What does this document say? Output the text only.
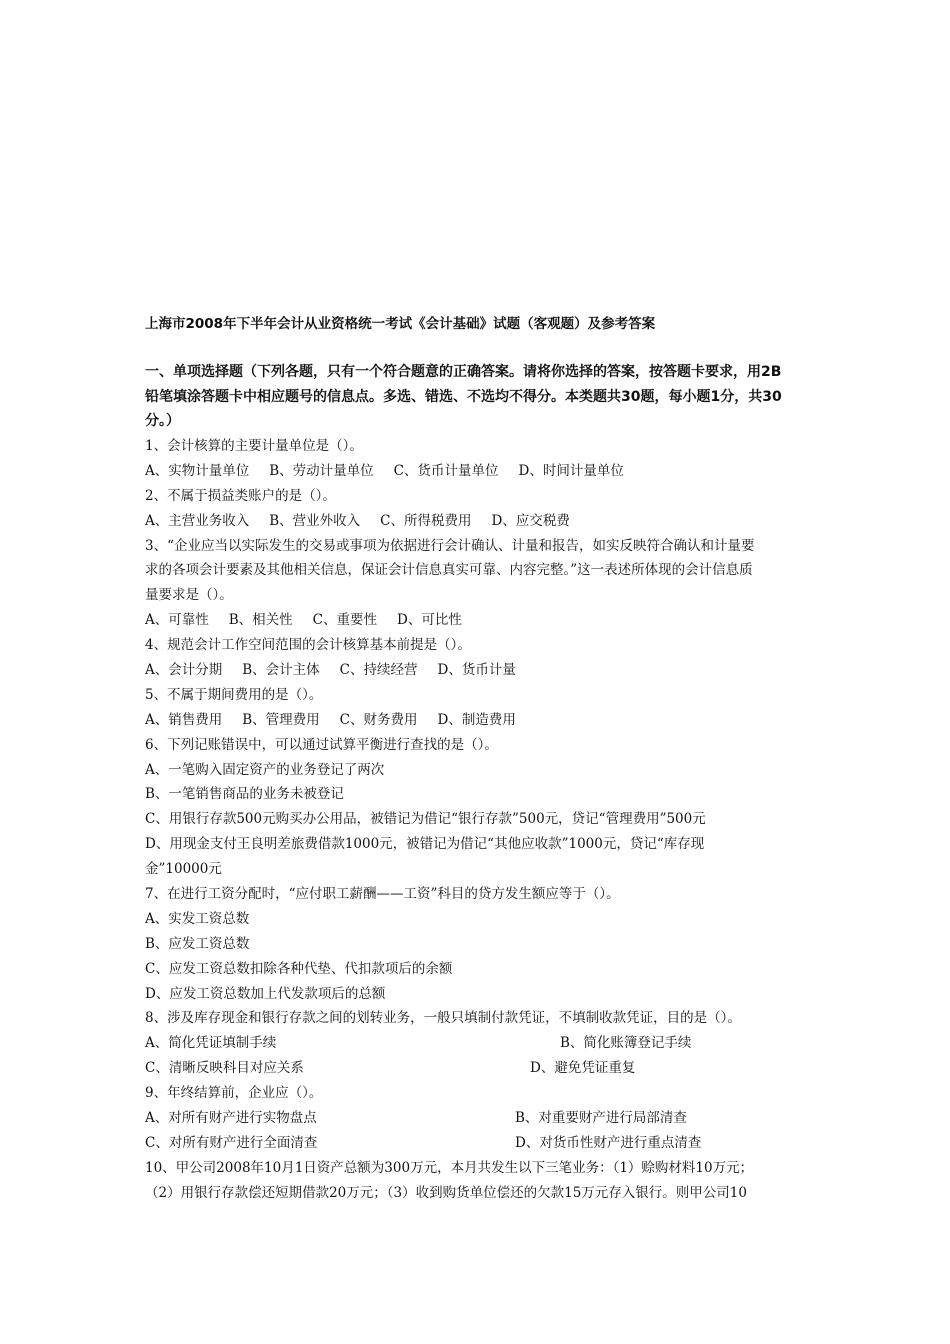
上海市2008年下半年会计从业资格统一考试《会计基础》试题（客观题）及参考答案
一、单项选择题（下列各题，只有一个符合题意的正确答案。请将你选择的答案，按答题卡要求，用2B
铅笔填涂答题卡中相应题号的信息点。多选、错选、不选均不得分。本类题共30题，每小题1分，共30
分。）
1、会计核算的主要计量单位是（）。
A、实物计量单位 B、劳动计量单位 C、货币计量单位 D、时间计量单位
2、不属于损益类账户的是（）。
A、主营业务收入 B、营业外收入 C、所得税费用 D、应交税费
3、“企业应当以实际发生的交易或事项为依据进行会计确认、计量和报告，如实反映符合确认和计量要
求的各项会计要素及其他相关信息，保证会计信息真实可靠、内容完整。”这一表述所体现的会计信息质
量要求是（）。
A、可靠性 B、相关性 C、重要性 D、可比性
4、规范会计工作空间范围的会计核算基本前提是（）。
A、会计分期 B、会计主体 C、持续经营 D、货币计量
5、不属于期间费用的是（）。
A、销售费用 B、管理费用 C、财务费用 D、制造费用
6、下列记账错误中，可以通过试算平衡进行查找的是（）。
A、一笔购入固定资产的业务登记了两次
B、一笔销售商品的业务未被登记
C、用银行存款500元购买办公用品，被错记为借记“银行存款”500元，贷记“管理费用”500元
D、用现金支付王良明差旅费借款1000元，被错记为借记“其他应收款”1000元，贷记“库存现
金”10000元
7、在进行工资分配时，“应付职工薪酬——工资”科目的贷方发生额应等于（）。
A、实发工资总数
B、应发工资总数
C、应发工资总数扣除各种代垫、代扣款项后的余额
D、应发工资总数加上代发款项后的总额
8、涉及库存现金和银行存款之间的划转业务，一般只填制付款凭证，不填制收款凭证，目的是（）。
A、简化凭证填制手续	B、简化账簿登记手续
C、清晰反映科目对应关系	D、避免凭证重复
9、年终结算前，企业应（）。
A、对所有财产进行实物盘点	B、对重要财产进行局部清查
C、对所有财产进行全面清查	D、对货币性财产进行重点清查
10、甲公司2008年10月1日资产总额为300万元，本月共发生以下三笔业务：（1）赊购材料10万元；
（2）用银行存款偿还短期借款20万元；（3）收到购货单位偿还的欠款15万元存入银行。则甲公司10
